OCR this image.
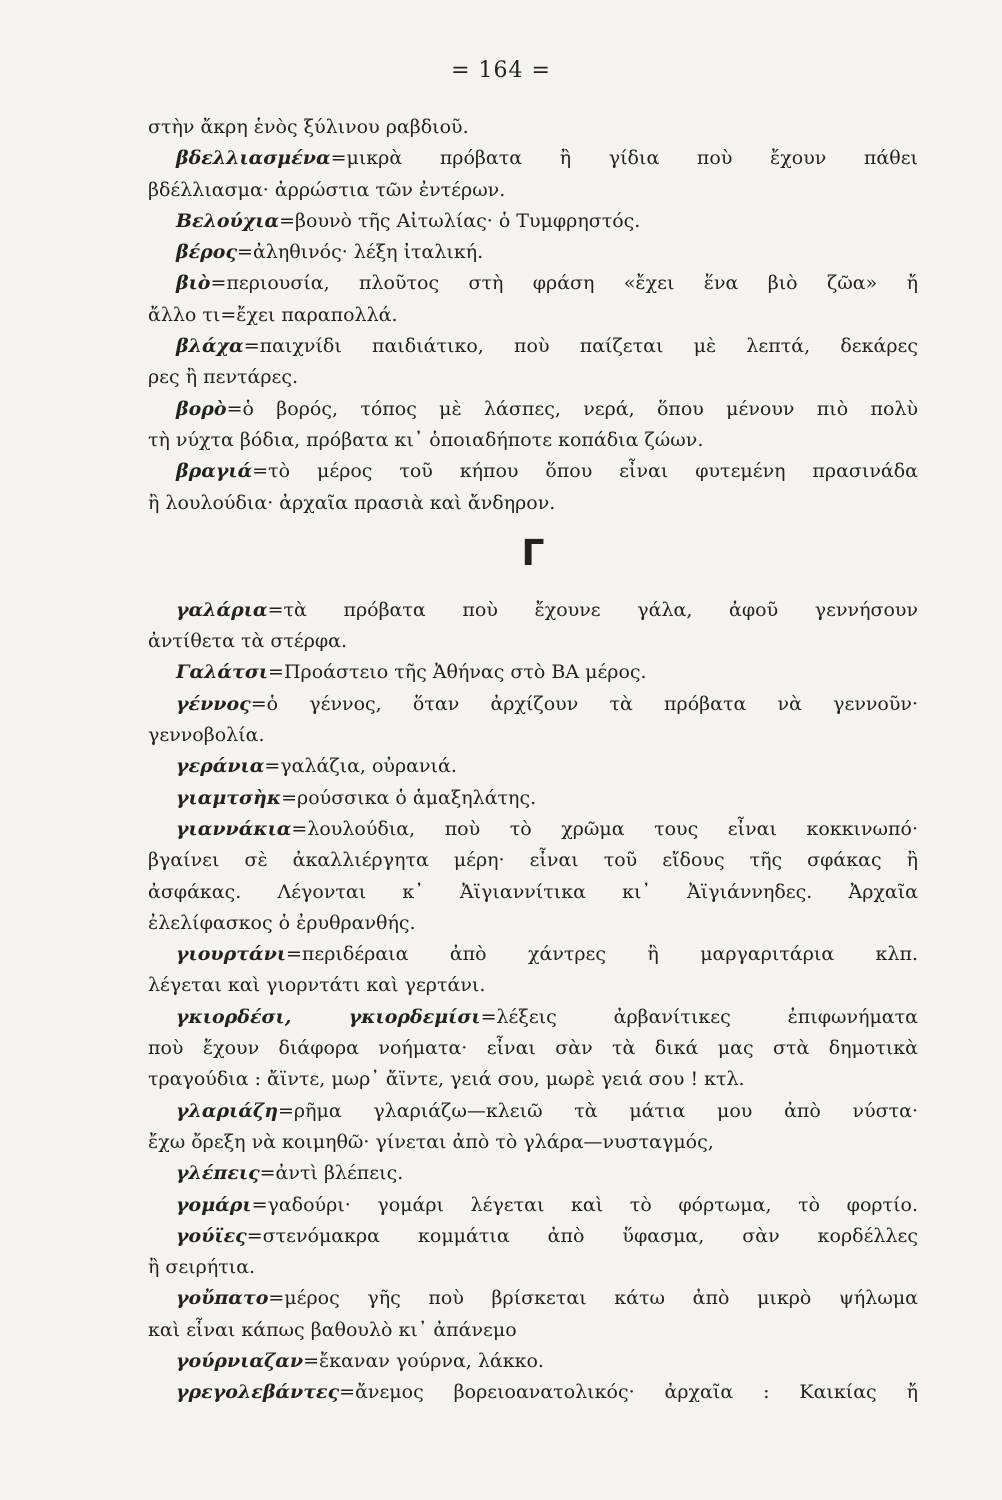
= 164 =
στὴν ἄκρη ἑνὸς ξύλινου ραβδιοῦ.
βδελλιασμένα=μικρὰ πρόβατα ἢ γίδια ποὺ ἔχουν πάθει
βδέλλιασμα· ἀρρώστια τῶν ἐντέρων.
Βελούχια=βουνὸ τῆς Αἰτωλίας· ὁ Τυμφρηστός.
βέρος=ἀληθινός· λέξη ἰταλική.
βιὸ=περιουσία, πλοῦτος στὴ φράση «ἔχει ἕνα βιὸ ζῶα» ἤ
ἄλλο τι=ἔχει παραπολλά.
βλάχα=παιχνίδι παιδιάτικο, ποὺ παίζεται μὲ λεπτά, δεκάρες
ρες ἢ πεντάρες.
βορὸ=ὁ βορός, τόπος μὲ λάσπες, νερά, ὅπου μένουν πιὸ πολὺ
τὴ νύχτα βόδια, πρόβατα κι᾿ ὁποιαδήποτε κοπάδια ζώων.
βραγιά=τὸ μέρος τοῦ κήπου ὅπου εἶναι φυτεμένη πρασινάδα
ἢ λουλούδια· ἀρχαῖα πρασιὰ καὶ ἄνδηρον.
Γ
γαλάρια=τὰ πρόβατα ποὺ ἔχουνε γάλα, ἀφοῦ γεννήσουν
ἀντίθετα τὰ στέρφα.
Γαλάτσι=Προάστειο τῆς Ἀθήνας στὸ ΒΑ μέρος.
γέννος=ὁ γέννος, ὅταν ἀρχίζουν τὰ πρόβατα νὰ γεννοῦν·
γεννοβολία.
γεράνια=γαλάζια, οὐρανιά.
γιαμτσὴκ=ρούσσικα ὁ ἁμαξηλάτης.
γιαννάκια=λουλούδια, ποὺ τὸ χρῶμα τους εἶναι κοκκινωπό·
βγαίνει σὲ ἀκαλλιέργητα μέρη· εἶναι τοῦ εἴδους τῆς σφάκας ἢ
ἀσφάκας. Λέγονται κ᾿ Ἀϊγιαννίτικα κι᾿ Ἀϊγιάννηδες. Ἀρχαῖα
ἐλελίφασκος ὁ ἐρυθρανθής.
γιουρτάνι=περιδέραια ἀπὸ χάντρες ἢ μαργαριτάρια κλπ.
λέγεται καὶ γιορντάτι καὶ γερτάνι.
γκιορδέσι, γκιορδεμίσι=λέξεις ἀρβανίτικες ἐπιφωνήματα
ποὺ ἔχουν διάφορα νοήματα· εἶναι σὰν τὰ δικά μας στὰ δημοτικὰ
τραγούδια : ἄϊντε, μωρ᾿ ἄϊντε, γειά σου, μωρὲ γειά σου ! κτλ.
γλαριάζη=ρῆμα γλαριάζω—κλειῶ τὰ μάτια μου ἀπὸ νύστα·
ἔχω ὄρεξη νὰ κοιμηθῶ· γίνεται ἀπὸ τὸ γλάρα—νυσταγμός,
γλέπεις=ἀντὶ βλέπεις.
γομάρι=γαδούρι· γομάρι λέγεται καὶ τὸ φόρτωμα, τὸ φορτίο.
γούϊες=στενόμακρα κομμάτια ἀπὸ ὕφασμα, σὰν κορδέλλες
ἢ σειρήτια.
γοὔπατο=μέρος γῆς ποὺ βρίσκεται κάτω ἀπὸ μικρὸ ψήλωμα
καὶ εἶναι κάπως βαθουλὸ κι᾿ ἀπάνεμο
γούρνιαζαν=ἔκαναν γούρνα, λάκκο.
γρεγολεβάντες=ἄνεμος βορειοανατολικός· ἀρχαῖα : Καικίας ἤ
